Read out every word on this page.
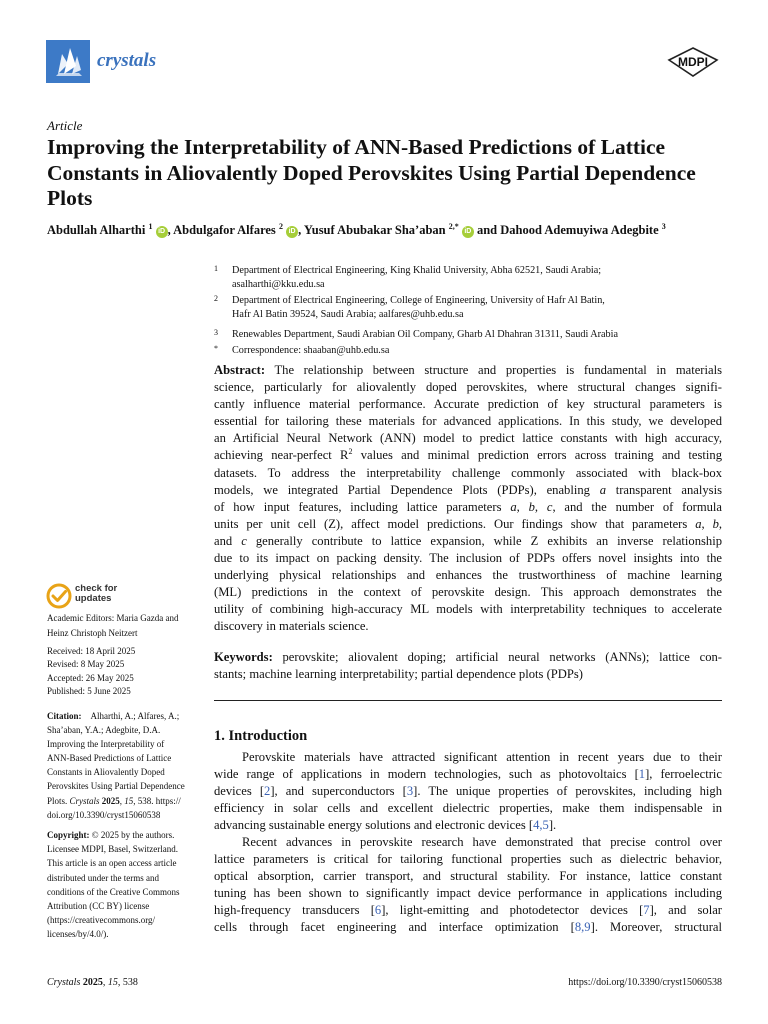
crystals	MDPI
Article
Improving the Interpretability of ANN-Based Predictions of Lattice Constants in Aliovalently Doped Perovskites Using Partial Dependence Plots
Abdullah Alharthi $^1$ iD , Abdulgafor Alfares $^2$ iD , Yusuf Abubakar Sha’aban $^{2,*}$ iD and Dahood Ademuyiwa Adegbite $^3$
1 Department of Electrical Engineering, King Khalid University, Abha 62521, Saudi Arabia;
asalharthi@kku.edu.sa
2 Department of Electrical Engineering, College of Engineering, University of Hafr Al Batin,
Hafr Al Batin 39524, Saudi Arabia; aalfares@uhb.edu.sa
3 Renewables Department, Saudi Arabian Oil Company, Gharb Al Dhahran 31311, Saudi Arabia
* Correspondence: shaaban@uhb.edu.sa
Abstract: The relationship between structure and properties is fundamental in materials
science, particularly for aliovalently doped perovskites, where structural changes signifi-
cantly influence material performance. Accurate prediction of key structural parameters is
essential for tailoring these materials for advanced applications. In this study, we developed
an Artificial Neural Network (ANN) model to predict lattice constants with high accuracy,
achieving near-perfect $R^2$ values and minimal prediction errors across training and testing
datasets. To address the interpretability challenge commonly associated with black-box
models, we integrated Partial Dependence Plots (PDPs), enabling a transparent analysis
of how input features, including lattice parameters a, b, c, and the number of formula
units per unit cell (Z), affect model predictions. Our findings show that parameters a, b,
and c generally contribute to lattice expansion, while Z exhibits an inverse relationship
due to its impact on packing density. The inclusion of PDPs offers novel insights into the
underlying physical relationships and enhances the trustworthiness of machine learning
(ML) predictions in the context of perovskite design. This approach demonstrates the
utility of combining high-accuracy ML models with interpretability techniques to accelerate
discovery in materials science.
Keywords: perovskite; aliovalent doping; artificial neural networks (ANNs); lattice con-
stants; machine learning interpretability; partial dependence plots (PDPs)
1. Introduction
Perovskite materials have attracted significant attention in recent years due to their
wide range of applications in modern technologies, such as photovoltaics [1], ferroelectric
devices [2], and superconductors [3]. The unique properties of perovskites, including high
efficiency in solar cells and excellent dielectric properties, make them indispensable in
advancing sustainable energy solutions and electronic devices [4,5].
Recent advances in perovskite research have demonstrated that precise control over
lattice parameters is critical for tailoring functional properties such as dielectric behavior,
optical absorption, carrier transport, and structural stability. For instance, lattice constant
tuning has been shown to significantly impact device performance in applications including
high-frequency transducers [6], light-emitting and photodetector devices [7], and solar
cells through facet engineering and interface optimization [8,9]. Moreover, structural
check for
updates
Academic Editors: Maria Gazda and
Heinz Christoph Neitzert
Received: 18 April 2025
Revised: 8 May 2025
Accepted: 26 May 2025
Published: 5 June 2025
Citation:  Alharthi, A.; Alfares, A.;
Sha’aban, Y.A.; Adegbite, D.A.
Improving the Interpretability of
ANN-Based Predictions of Lattice
Constants in Aliovalently Doped
Perovskites Using Partial Dependence
Plots. Crystals 2025, 15, 538. https://
doi.org/10.3390/cryst15060538
Copyright: © 2025 by the authors.
Licensee MDPI, Basel, Switzerland.
This article is an open access article
distributed under the terms and
conditions of the Creative Commons
Attribution (CC BY) license
(https://creativecommons.org/
licenses/by/4.0/).
Crystals 2025, 15, 538	https://doi.org/10.3390/cryst15060538
